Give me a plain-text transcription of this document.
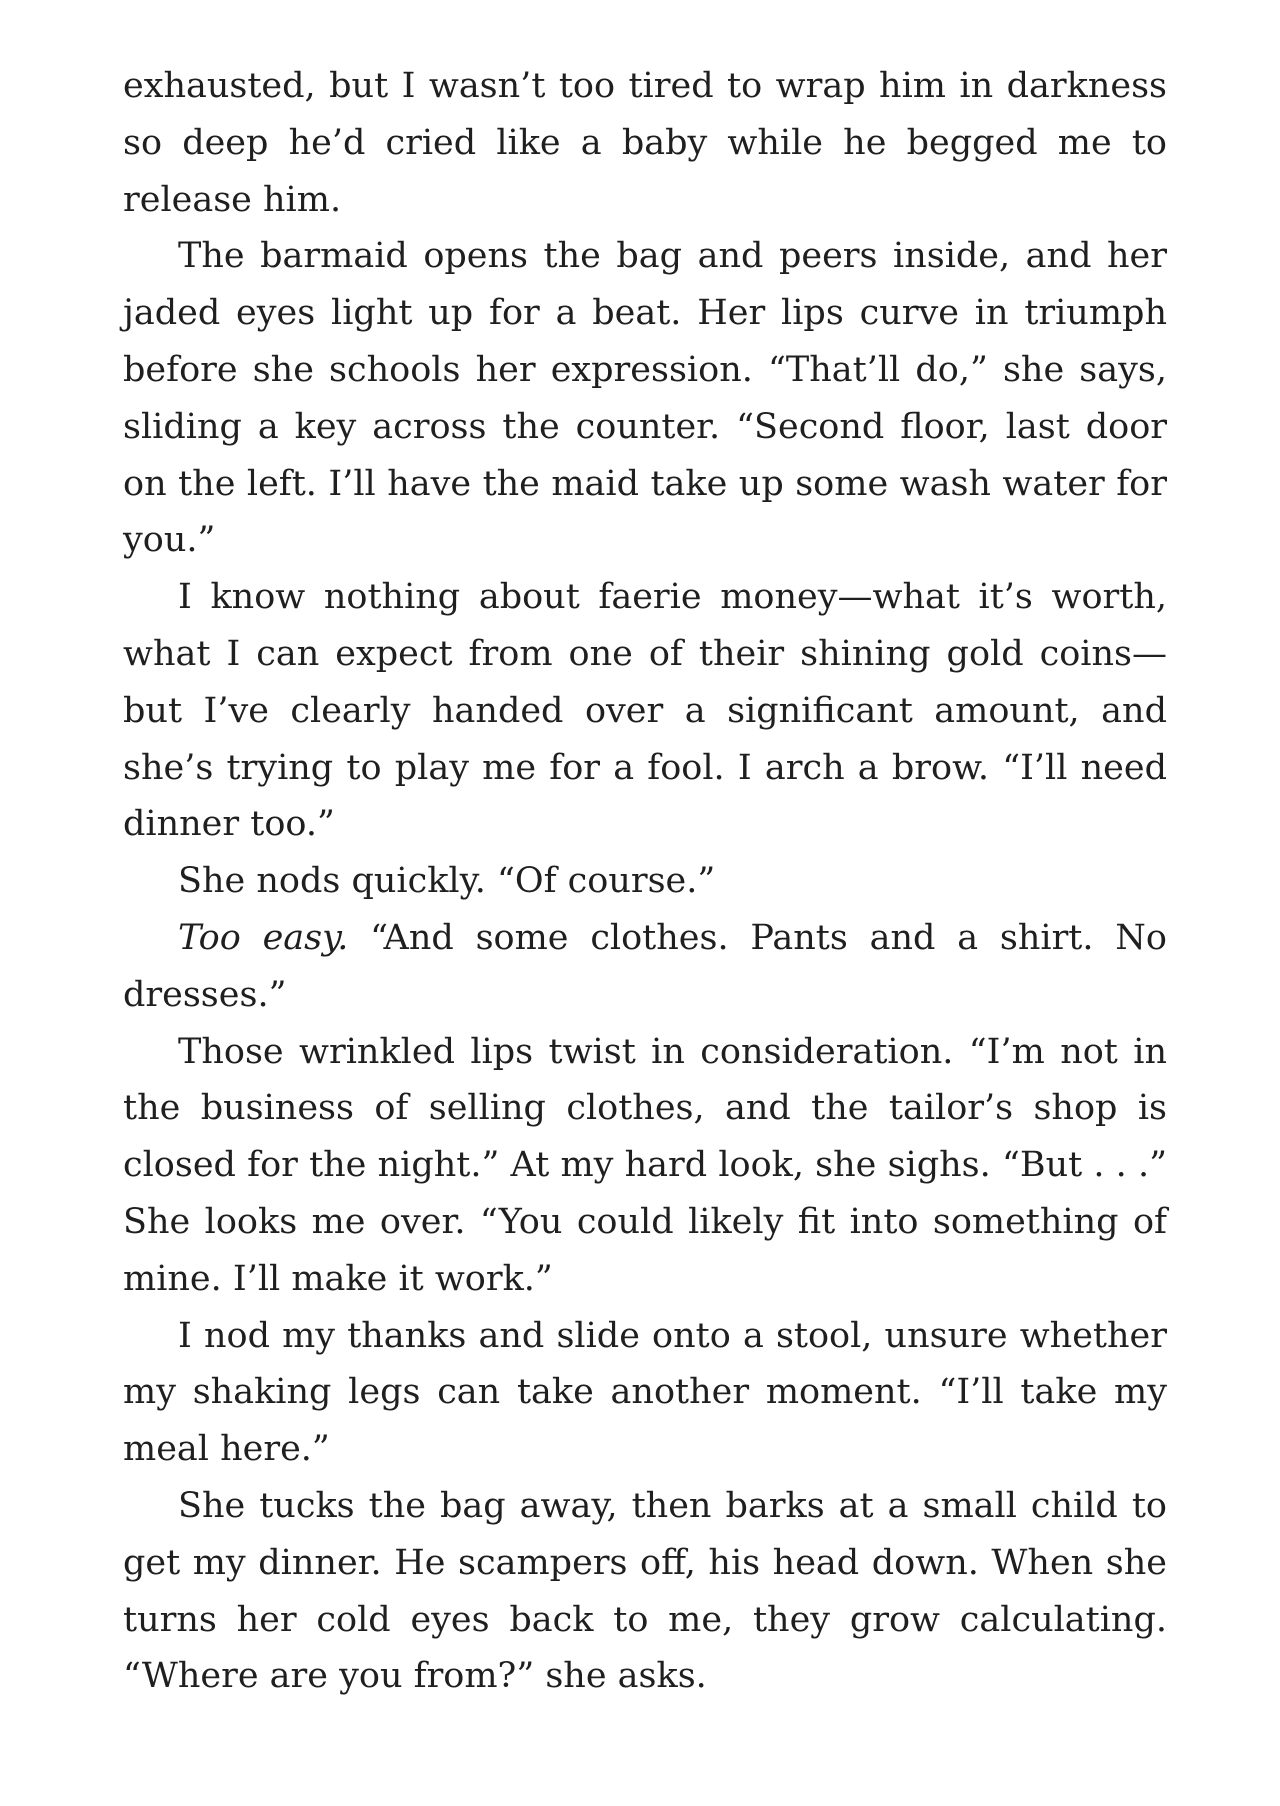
exhausted, but I wasn’t too tired to wrap him in darkness so deep he’d cried like a baby while he begged me to release him.

The barmaid opens the bag and peers inside, and her jaded eyes light up for a beat. Her lips curve in triumph before she schools her expression. “That’ll do,” she says, sliding a key across the counter. “Second floor, last door on the left. I’ll have the maid take up some wash water for you.”

I know nothing about faerie money—what it’s worth, what I can expect from one of their shining gold coins—but I’ve clearly handed over a significant amount, and she’s trying to play me for a fool. I arch a brow. “I’ll need dinner too.”

She nods quickly. “Of course.”

Too easy. “And some clothes. Pants and a shirt. No dresses.”

Those wrinkled lips twist in consideration. “I’m not in the business of selling clothes, and the tailor’s shop is closed for the night.” At my hard look, she sighs. “But . . .” She looks me over. “You could likely fit into something of mine. I’ll make it work.”

I nod my thanks and slide onto a stool, unsure whether my shaking legs can take another moment. “I’ll take my meal here.”

She tucks the bag away, then barks at a small child to get my dinner. He scampers off, his head down. When she turns her cold eyes back to me, they grow calculating. “Where are you from?” she asks.
